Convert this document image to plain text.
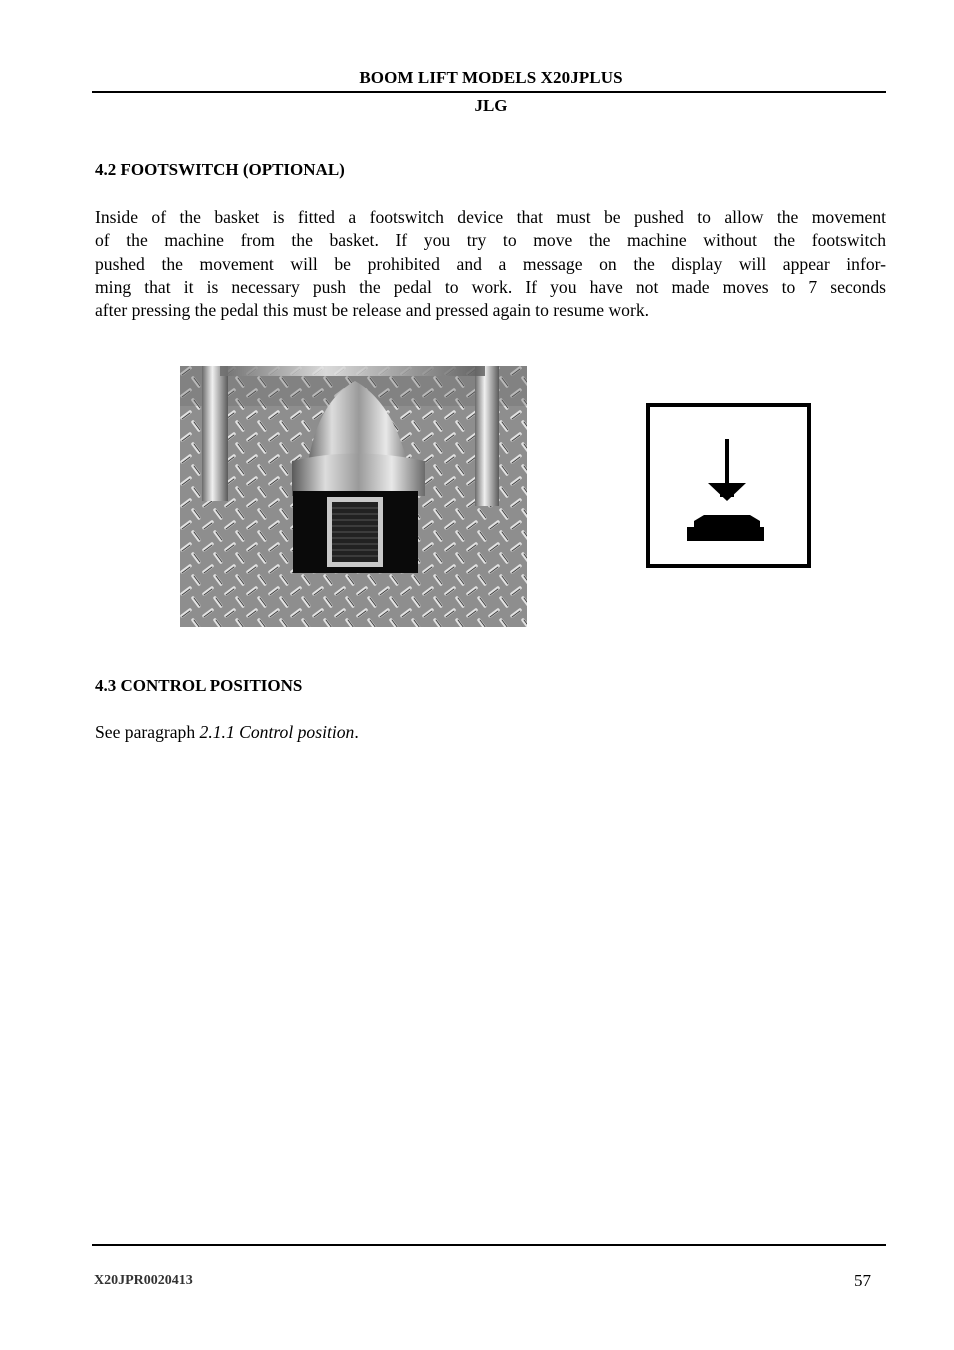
BOOM LIFT MODELS X20JPLUS
JLG
4.2 FOOTSWITCH (OPTIONAL)
Inside of the basket is fitted a footswitch device that must be pushed to allow the movement
of the machine from the basket. If you try to move the machine without the footswitch
pushed the movement will be prohibited and a message on the display will appear infor-
ming that it is necessary push the pedal to work. If you have not made moves to 7 seconds
after pressing the pedal this must be release and pressed again to resume work.
4.3 CONTROL POSITIONS

See paragraph 2.1.1 Control position.

X20JPR0020413	57
